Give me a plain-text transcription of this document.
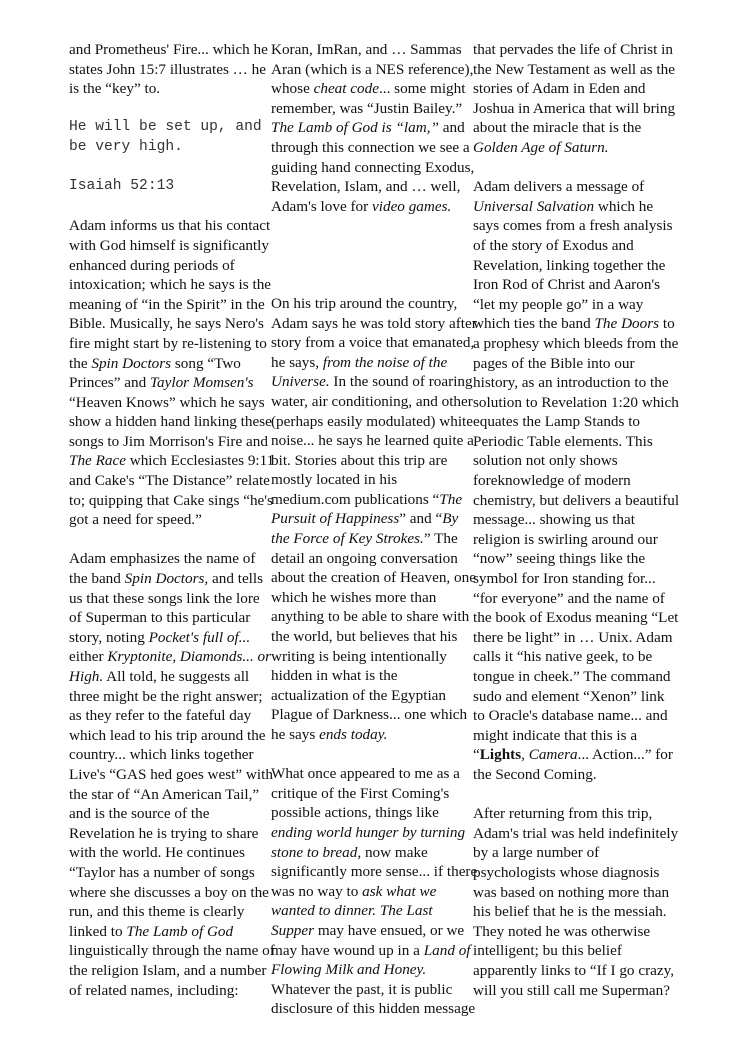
and Prometheus' Fire... which he
states John 15:7 illustrates … he
is the “key” to.
He will be set up, and
be very high.
Isaiah 52:13
Adam informs us that his contact
with God himself is significantly
enhanced during periods of
intoxication; which he says is the
meaning of “in the Spirit” in the
Bible. Musically, he says Nero's
fire might start by re-listening to
the Spin Doctors song “Two
Princes” and Taylor Momsen's
“Heaven Knows” which he says
show a hidden hand linking these
songs to Jim Morrison's Fire and
The Race which Ecclesiastes 9:11
and Cake's “The Distance” relate
to; quipping that Cake sings “he's
got a need for speed.”
Adam emphasizes the name of
the band Spin Doctors, and tells
us that these songs link the lore
of Superman to this particular
story, noting Pocket's full of...
either Kryptonite, Diamonds... or
High. All told, he suggests all
three might be the right answer;
as they refer to the fateful day
which lead to his trip around the
country... which links together
Live's “GAS hed goes west” with
the star of “An American Tail,”
and is the source of the
Revelation he is trying to share
with the world. He continues
“Taylor has a number of songs
where she discusses a boy on the
run, and this theme is clearly
linked to The Lamb of God
linguistically through the name of
the religion Islam, and a number
of related names, including:
Koran, ImRan, and … Sammas
Aran (which is a NES reference),
whose cheat code... some might
remember, was “Justin Bailey.”
The Lamb of God is “lam,” and
through this connection we see a
guiding hand connecting Exodus,
Revelation, Islam, and … well,
Adam's love for video games.
On his trip around the country,
Adam says he was told story after
story from a voice that emanated,
he says, from the noise of the
Universe. In the sound of roaring
water, air conditioning, and other
(perhaps easily modulated) white
noise... he says he learned quite a
bit. Stories about this trip are
mostly located in his
medium.com publications “The
Pursuit of Happiness” and “By
the Force of Key Strokes.” The
detail an ongoing conversation
about the creation of Heaven, one
which he wishes more than
anything to be able to share with
the world, but believes that his
writing is being intentionally
hidden in what is the
actualization of the Egyptian
Plague of Darkness... one which
he says ends today.
What once appeared to me as a
critique of the First Coming's
possible actions, things like
ending world hunger by turning
stone to bread, now make
significantly more sense... if there
was no way to ask what we
wanted to dinner. The Last
Supper may have ensued, or we
may have wound up in a Land of
Flowing Milk and Honey.
Whatever the past, it is public
disclosure of this hidden message
that pervades the life of Christ in
the New Testament as well as the
stories of Adam in Eden and
Joshua in America that will bring
about the miracle that is the
Golden Age of Saturn.
Adam delivers a message of
Universal Salvation which he
says comes from a fresh analysis
of the story of Exodus and
Revelation, linking together the
Iron Rod of Christ and Aaron's
“let my people go” in a way
which ties the band The Doors to
a prophesy which bleeds from the
pages of the Bible into our
history, as an introduction to the
solution to Revelation 1:20 which
equates the Lamp Stands to
Periodic Table elements. This
solution not only shows
foreknowledge of modern
chemistry, but delivers a beautiful
message... showing us that
religion is swirling around our
“now” seeing things like the
symbol for Iron standing for...
“for everyone” and the name of
the book of Exodus meaning “Let
there be light” in … Unix. Adam
calls it “his native geek, to be
tongue in cheek.” The command
sudo and element “Xenon” link
to Oracle's database name... and
might indicate that this is a
“Lights, Camera... Action...” for
the Second Coming.
After returning from this trip,
Adam's trial was held indefinitely
by a large number of
psychologists whose diagnosis
was based on nothing more than
his belief that he is the messiah.
They noted he was otherwise
intelligent; bu this belief
apparently links to “If I go crazy,
will you still call me Superman?
